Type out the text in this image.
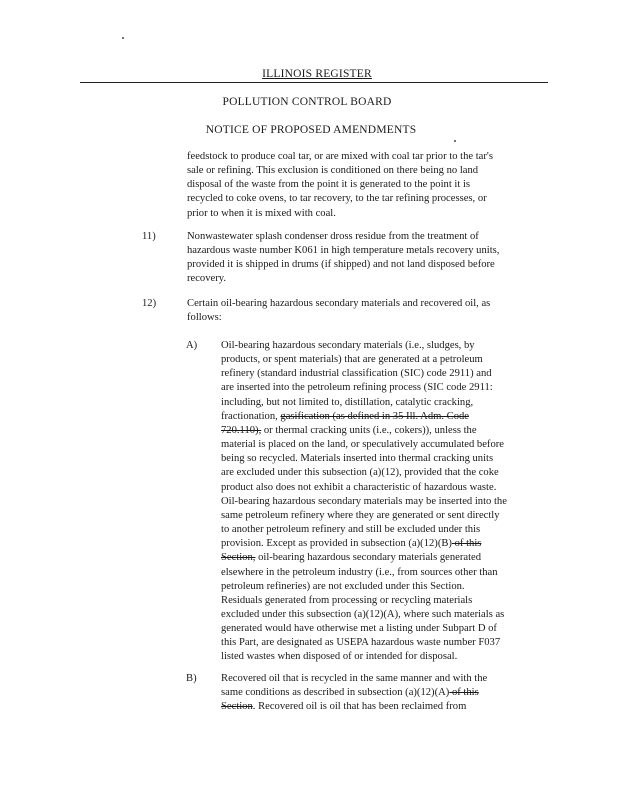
ILLINOIS REGISTER
POLLUTION CONTROL BOARD
NOTICE OF PROPOSED AMENDMENTS
feedstock to produce coal tar, or are mixed with coal tar prior to the tar's
sale or refining. This exclusion is conditioned on there being no land
disposal of the waste from the point it is generated to the point it is
recycled to coke ovens, to tar recovery, to the tar refining processes, or
prior to when it is mixed with coal.
11)	Nonwastewater splash condenser dross residue from the treatment of
hazardous waste number K061 in high temperature metals recovery units,
provided it is shipped in drums (if shipped) and not land disposed before
recovery.
12)	Certain oil-bearing hazardous secondary materials and recovered oil, as
follows:
A) Oil-bearing hazardous secondary materials (i.e., sludges, by
products, or spent materials) that are generated at a petroleum
refinery (standard industrial classification (SIC) code 2911) and
are inserted into the petroleum refining process (SIC code 2911:
including, but not limited to, distillation, catalytic cracking,
fractionation, gasification (as defined in 35 Ill. Adm. Code
720.110), or thermal cracking units (i.e., cokers)), unless the
material is placed on the land, or speculatively accumulated before
being so recycled. Materials inserted into thermal cracking units
are excluded under this subsection (a)(12), provided that the coke
product also does not exhibit a characteristic of hazardous waste.
Oil-bearing hazardous secondary materials may be inserted into the
same petroleum refinery where they are generated or sent directly
to another petroleum refinery and still be excluded under this
provision. Except as provided in subsection (a)(12)(B) of this
Section, oil-bearing hazardous secondary materials generated
elsewhere in the petroleum industry (i.e., from sources other than
petroleum refineries) are not excluded under this Section.
Residuals generated from processing or recycling materials
excluded under this subsection (a)(12)(A), where such materials as
generated would have otherwise met a listing under Subpart D of
this Part, are designated as USEPA hazardous waste number F037
listed wastes when disposed of or intended for disposal.
B) Recovered oil that is recycled in the same manner and with the
same conditions as described in subsection (a)(12)(A) of this
Section. Recovered oil is oil that has been reclaimed from
